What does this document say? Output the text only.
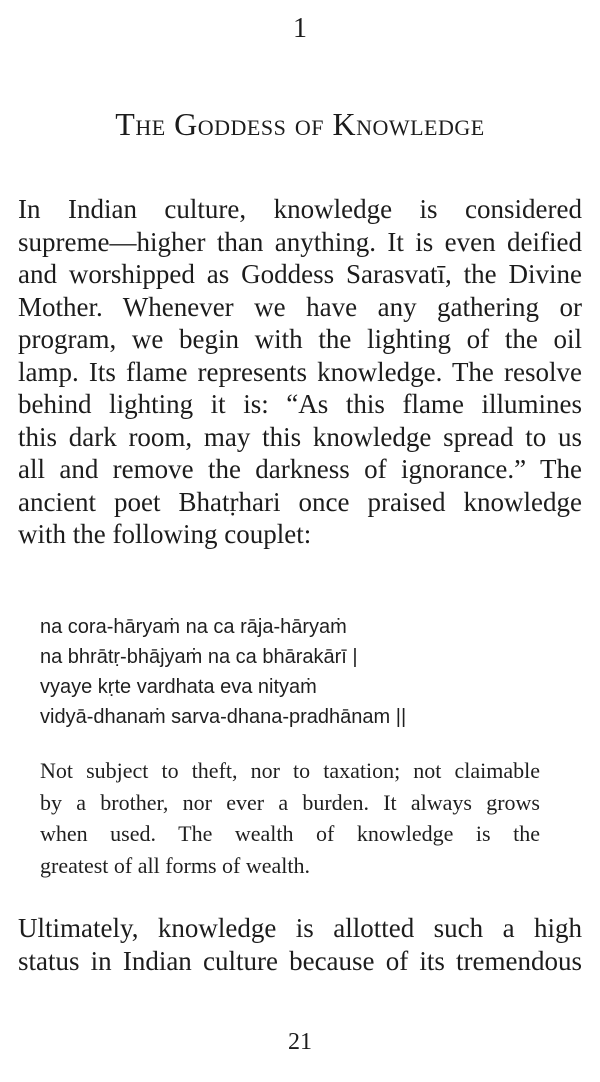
1
The Goddess of Knowledge
In Indian culture, knowledge is considered
supreme—higher than anything. It is even deified
and worshipped as Goddess Sarasvatī, the Divine
Mother. Whenever we have any gathering or
program, we begin with the lighting of the oil
lamp. Its flame represents knowledge. The resolve
behind lighting it is: “As this flame illumines
this dark room, may this knowledge spread to us
all and remove the darkness of ignorance.” The
ancient poet Bhatṛhari once praised knowledge
with the following couplet:
na cora-hāryaṁ na ca rāja-hāryaṁ
na bhrātṛ-bhājyaṁ na ca bhārakārī |
vyaye kṛte vardhata eva nityaṁ
vidyā-dhanaṁ sarva-dhana-pradhānam ||
Not subject to theft, nor to taxation; not claimable
by a brother, nor ever a burden. It always grows
when used. The wealth of knowledge is the
greatest of all forms of wealth.
Ultimately, knowledge is allotted such a high
status in Indian culture because of its tremendous
21
